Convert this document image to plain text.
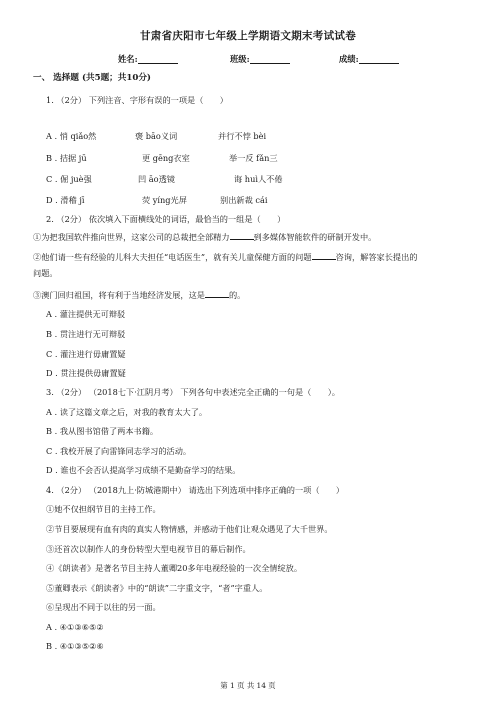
甘肃省庆阳市七年级上学期语文期末考试试卷
姓名:	班级:	成绩:
一、 选择题 (共5题；共10分)
1. （2分） 下列注音、字形有误的一项是（　　）
A . 悄 qiǎo然	褒 bāo义词	并行不悖 bèi
B . 拮据 jū	更 gēng衣室	举一反 fǎn三
C . 倔 juè强	凹 āo透镜	诲 huì人不倦
D . 滑稽 jī	荧 yíng光屏	别出新裁 cái
2. （2分） 依次填入下面横线处的词语，最恰当的一组是（　　）
①为把我国软件推向世界，这家公司的总裁把全部精力	到多媒体智能软件的研制开发中。
②他们请一些有经验的儿科大夫担任“电话医生”，就有关儿童保健方面的问题	咨询，解答家长提出的
问题。
③澳门回归祖国，将有利于当地经济发展，这是	的。
A . 灌注提供无可辩驳
B . 贯注进行无可辩驳
C . 灌注进行毋庸置疑
D . 贯注提供毋庸置疑
3. （2分） （2018七下·江阴月考） 下列各句中表述完全正确的一句是（　　）。
A . 读了这篇文章之后，对我的教育太大了。
B . 我从图书馆借了两本书籍。
C . 我校开展了向雷锋同志学习的活动。
D . 谁也不会否认提高学习成绩不是勤奋学习的结果。
4. （2分） （2018九上·防城港期中） 请选出下列选项中排序正确的一项（　　）
①她不仅担纲节目的主持工作。
②节目要展现有血有肉的真实人物情感，并感动于他们让观众遇见了大千世界。
③还首次以制作人的身份转型大型电视节目的幕后制作。
④《朗读者》是著名节目主持人董卿20多年电视经验的一次全情绽放。
⑤董卿表示《朗读者》中的“朗读”二字重文字，“者”字重人。
⑥呈现出不同于以往的另一面。
A . ④①③⑥⑤②
B . ④①③⑤②⑥
第 1 页 共 14 页
